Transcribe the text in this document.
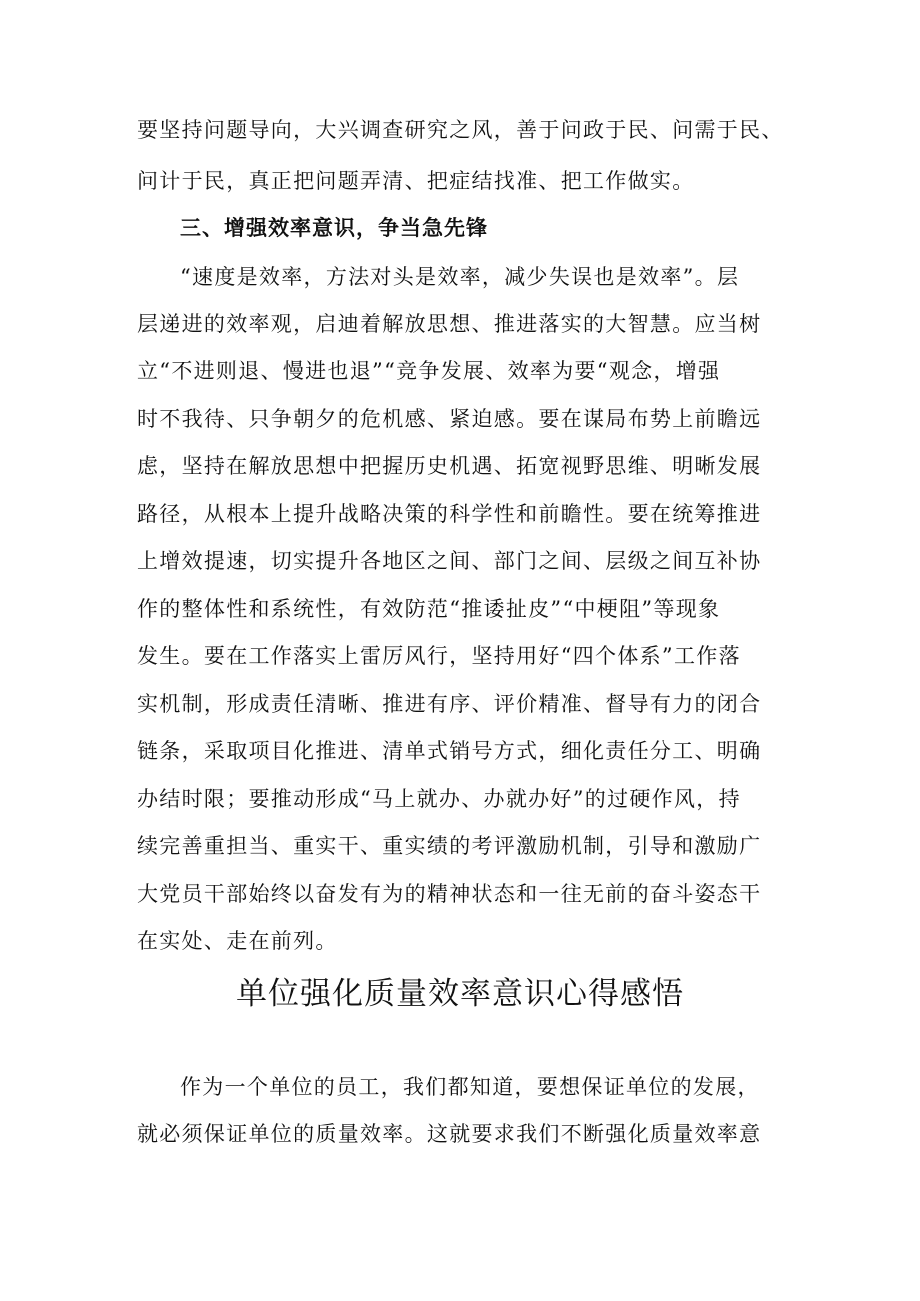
要坚持问题导向，大兴调查研究之风，善于问政于民、问需于民、
问计于民，真正把问题弄清、把症结找准、把工作做实。
三、增强效率意识，争当急先锋
“速度是效率，方法对头是效率，减少失误也是效率”。层
层递进的效率观，启迪着解放思想、推进落实的大智慧。应当树
立“不进则退、慢进也退”“竞争发展、效率为要“观念，增强
时不我待、只争朝夕的危机感、紧迫感。要在谋局布势上前瞻远
虑，坚持在解放思想中把握历史机遇、拓宽视野思维、明晰发展
路径，从根本上提升战略决策的科学性和前瞻性。要在统筹推进
上增效提速，切实提升各地区之间、部门之间、层级之间互补协
作的整体性和系统性，有效防范“推诿扯皮”“中梗阻”等现象
发生。要在工作落实上雷厉风行，坚持用好“四个体系”工作落
实机制，形成责任清晰、推进有序、评价精准、督导有力的闭合
链条，采取项目化推进、清单式销号方式，细化责任分工、明确
办结时限；要推动形成“马上就办、办就办好”的过硬作风，持
续完善重担当、重实干、重实绩的考评激励机制，引导和激励广
大党员干部始终以奋发有为的精神状态和一往无前的奋斗姿态干
在实处、走在前列。
单位强化质量效率意识心得感悟
作为一个单位的员工，我们都知道，要想保证单位的发展，
就必须保证单位的质量效率。这就要求我们不断强化质量效率意
